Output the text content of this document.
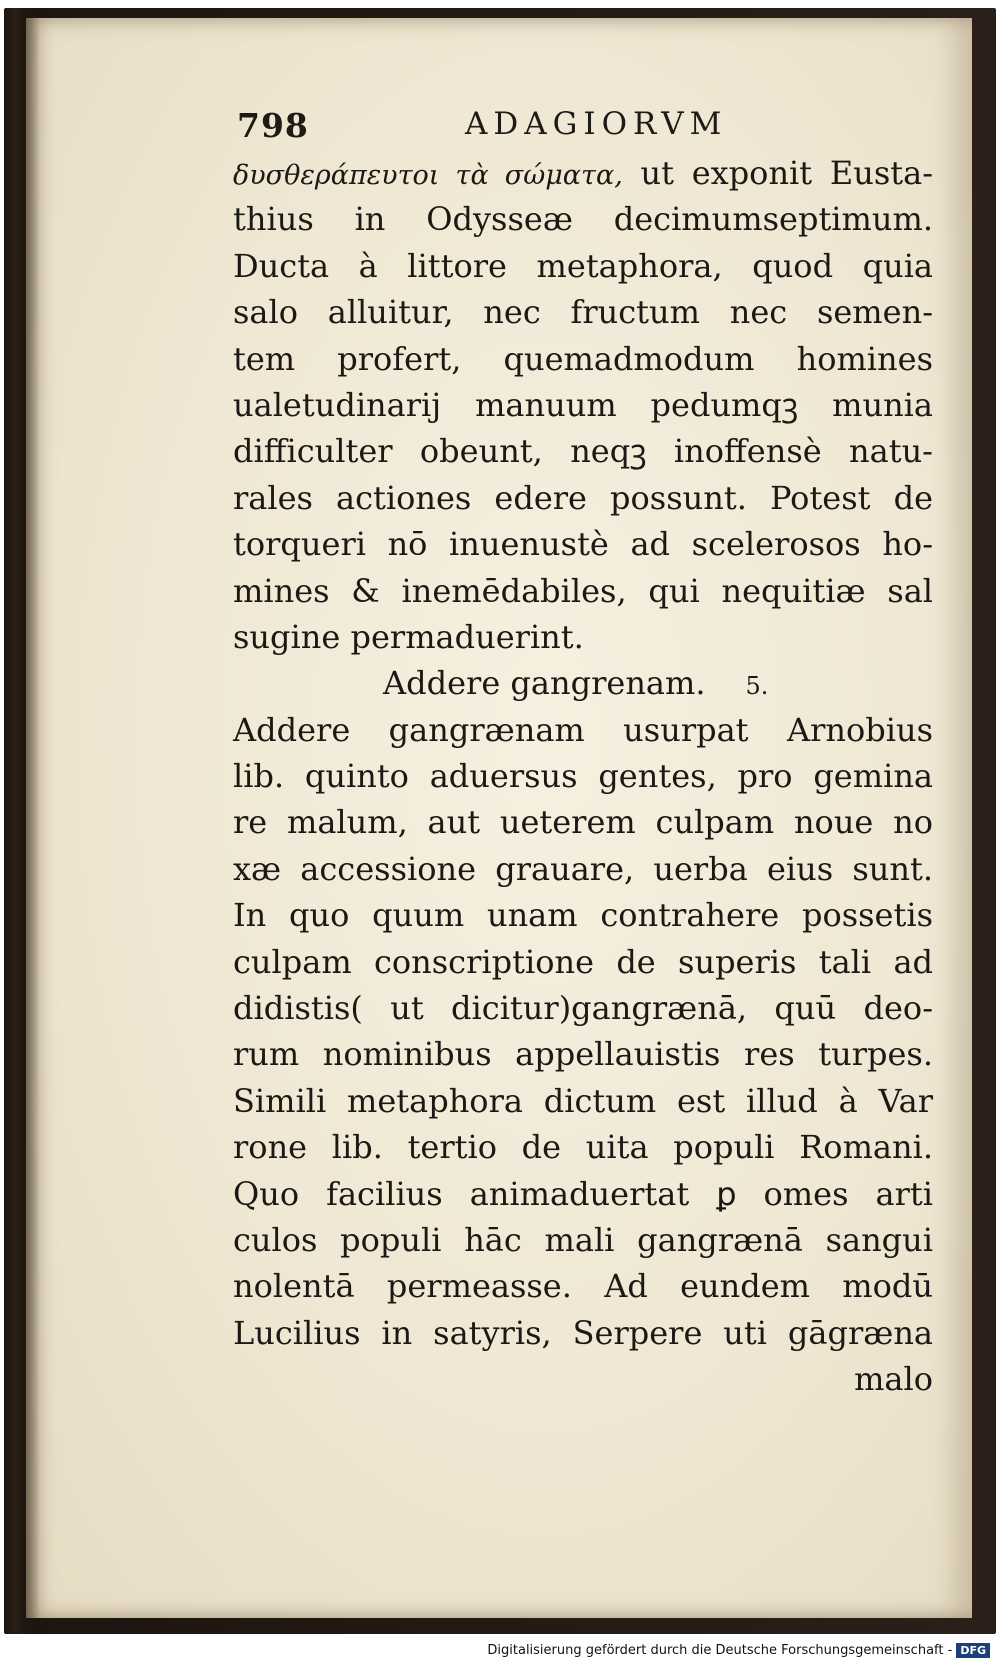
798	ADAGIORVM
δυσθεράπευτοι τὰ σώματα, ut exponit Eusta-
thius in Odysseæ decimumseptimum.
Ducta à littore metaphora, quod quia
salo alluitur, nec fructum nec semen-
tem profert, quemadmodum homines
ualetudinarij manuum pedumqꝫ munia
difficulter obeunt, neqꝫ inoffensè natu-
rales actiones edere possunt. Potest de
torqueri nō inuenustè ad scelerosos ho-
mines & inemēdabiles, qui nequitiæ sal
sugine permaduerint.
Addere gangrenam. 5.
Addere gangrænam usurpat Arnobius
lib. quinto aduersus gentes, pro gemina
re malum, aut ueterem culpam noue no
xæ accessione grauare, uerba eius sunt.
In quo quum unam contrahere possetis
culpam conscriptione de superis tali ad
didistis( ut dicitur)gangrænā, quū deo-
rum nominibus appellauistis res turpes.
Simili metaphora dictum est illud à Var
rone lib. tertio de uita populi Romani.
Quo facilius animaduertat ꝑ omes arti
culos populi hāc mali gangrænā sangui
nolentā permeasse. Ad eundem modū
Lucilius in satyris, Serpere uti gāgræna
malo
Digitalisierung gefördert durch die Deutsche Forschungsgemeinschaft - DFG
